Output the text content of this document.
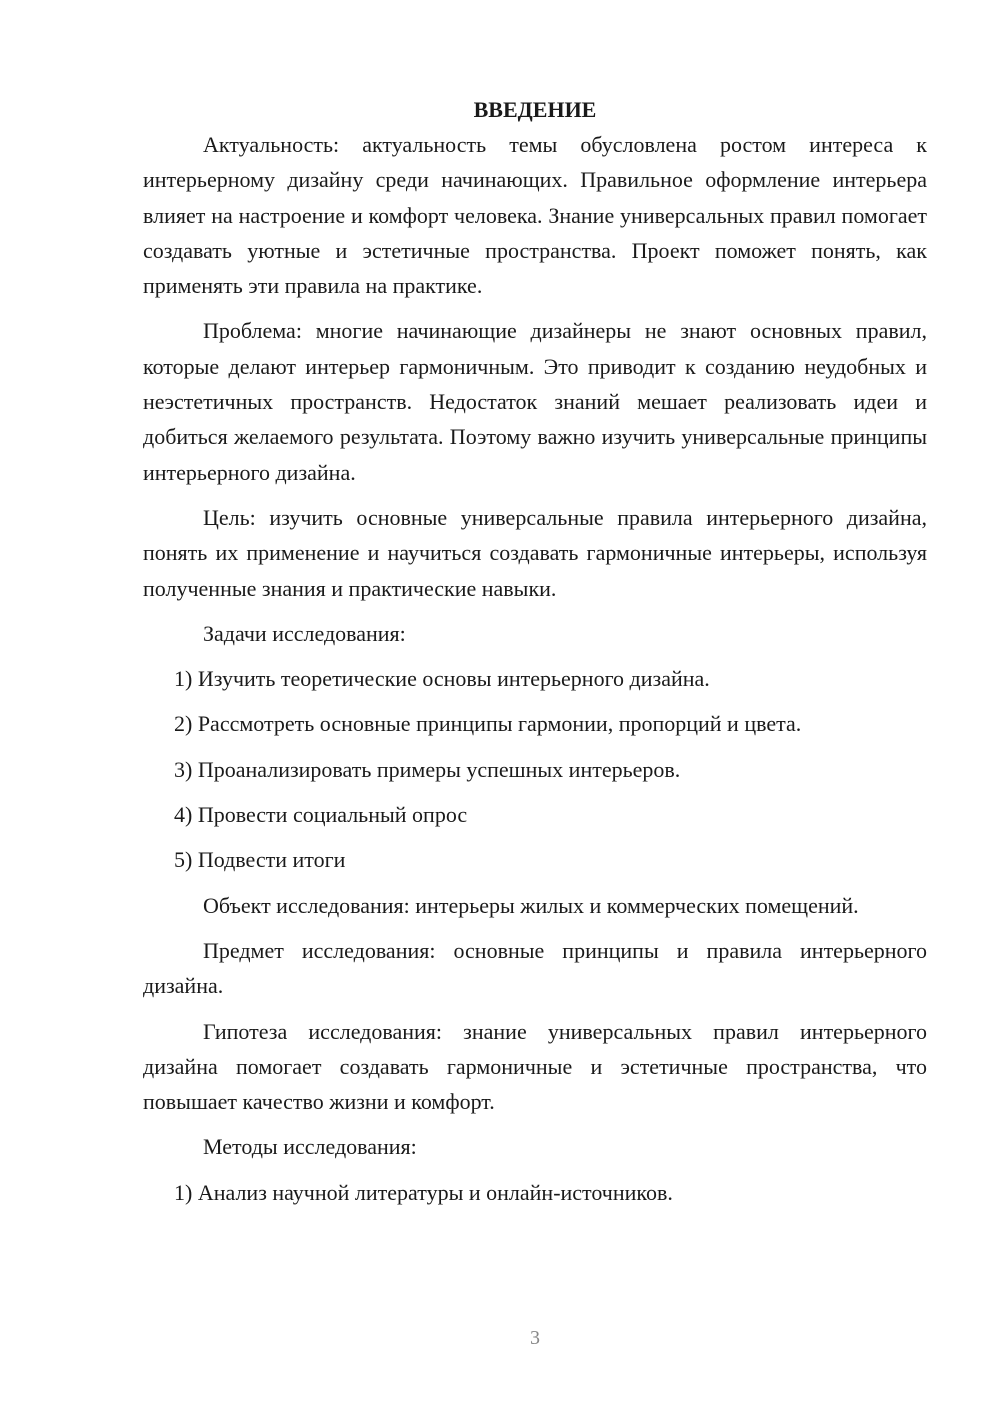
ВВЕДЕНИЕ

Актуальность: актуальность темы обусловлена ростом интереса к интерьерному дизайну среди начинающих. Правильное оформление интерьера влияет на настроение и комфорт человека. Знание универсальных правил помогает создавать уютные и эстетичные пространства. Проект поможет понять, как применять эти правила на практике.

Проблема: многие начинающие дизайнеры не знают основных правил, которые делают интерьер гармоничным. Это приводит к созданию неудобных и неэстетичных пространств. Недостаток знаний мешает реализовать идеи и добиться желаемого результата. Поэтому важно изучить универсальные принципы интерьерного дизайна.

Цель: изучить основные универсальные правила интерьерного дизайна, понять их применение и научиться создавать гармоничные интерьеры, используя полученные знания и практические навыки.

Задачи исследования:

1) Изучить теоретические основы интерьерного дизайна.

2) Рассмотреть основные принципы гармонии, пропорций и цвета.

3) Проанализировать примеры успешных интерьеров.

4) Провести социальный опрос

5) Подвести итоги

Объект исследования: интерьеры жилых и коммерческих помещений.

Предмет исследования: основные принципы и правила интерьерного дизайна.

Гипотеза исследования: знание универсальных правил интерьерного дизайна помогает создавать гармоничные и эстетичные пространства, что повышает качество жизни и комфорт.

Методы исследования:

1) Анализ научной литературы и онлайн-источников.

3
